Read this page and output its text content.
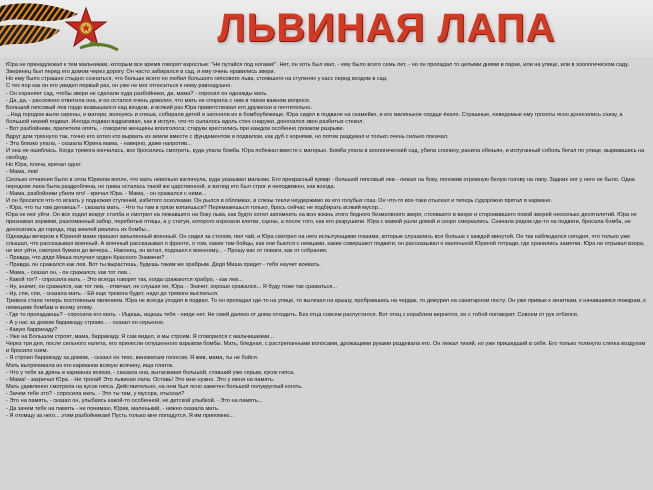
ЛЬВИНАЯ ЛАПА

Юра не принадлежал к тем мальчикам, которым все время говорят взрослые: "Не путайся под ногами!". Нет, он хоть был мал, - ему было всего семь лет, - но он пропадал то целыми днями в парке, или на улице, или в зоологическом саду. Зверинец был перед его домом через дорогу. Он часто забирался в сад, и ему очень нравились звери.

Но ему было страшно стыдно сознаться, что больше всего он любил большого гипсового льва, стоявшего на ступенях у касс перед входом в сад.

С тех пор как он его увидел первый раз, он уже не мог относиться к нему равнодушно.

- Он охраняет сад, чтобы звери не сделали худа разбойники, да, мама? - спросил он однажды мать.

- Да, да, - рассеянно ответила она, и он остался очень доволен, что мать не спорила с ним в таком важном вопросе.

Большой гипсовый лев гордо возвышался над входом, и всякий раз Юра приветствовал его дружески и почтительно.

...Над городом выли сирены, и матери, волнуясь и спеша, собирали детей и загоняли их в бомбоубежище. Юра сидел в подвале на скамейке, и его маленькое сердце ёкало. Страшные, неведомые ему грохоты ясно доносились снизу, а большой низкий подвал. Иногда подвал вздрагивал, как в испуге, что-то сыпалось вдоль стен снаружи, доносился звон разбитых стекол.

- Вот разбойники, прилетели опять, - говорили женщины вполголоса; старуки крестились при каждом особенно громком разрыве.

Вдруг дом тряхнуло так, точно его хотел кто вырвать из земли вместе с фундаментом и подвалом, как дуб с корнями, но потом раздумал и только очень сильно покачал.

- Эта близко упала, - сказала Юрина мама, - наверно, даже напротив...

И она не ошиблась. Когда тревога кончилась, все бросились смотреть, куда упала бомба. Юра побежал вместе с матерью. Бомба упала в зоологический сад, убила слониху, ранила обезьян, и испуганный соболь бегал по улице, вырвавшись на свободу.

Но Юра, плача, кричал одно:

- Мама, лев!

Сколько отчаяния было в этом Юрином вопле, что мать невольно взглянула, куда указывал мальчик. Его прекрасный кумир - большой гипсовый лев - лежал на боку, положив огромную белую голову на лапу. Задних ног у него не было. Одна передняя лапа была раздроблена, но грива осталась такой же царственной, и взгляд его был строг и неподвижен, как всегда.

- Мама, разбойники убили его! - кричал Юра. - Мама, - он сражался с ними...

И он бросился что-то искать у подножия ступеней, избитого осколками. Он рылся в обломках, и слезы текли неудержимо из его голубых глаз. Он что-то все-таки отыскал и теперь судорожно прятал в кармане.

- Юра, что ты там делаешь? - сказала мать. - Что ты там в грязи копаешься? Перемажешься только, брось сейчас не подбирать всякий мусор...

Юра не мог уйти. Он все ходил вокруг столба и смотрел на лежавшего на боку льва, как будто хотел запомнить на всю жизнь этого бедного безмолвного зверя, стоявшего в вихре и сторожившего покой зверей несколько десятилетий. Юра не признавал зоркими, разломанный забор, перебитые птицы, а у статуи, которого изрезали клетки, сцены, а после того, как его разрушили. Юра с мамой ушли домой и скоро смеркались. Сначала рядом где-то на подвиги, бросала бомба, не доносились до города, под землей рвались их бомбы...

Однажды вечером к Юриной маме пришел запыленный военный. Он сидел за столом, пил чай, и Юра смотрел на него испытующими глазами, которые слушались все больше с каждой минутой. Он так наблюдался сегодня, что только уже слышал, что рассказывал военный. А военный рассказывал о фронте, о том, какие там бойцы, как они бьются с немцами, какие совершают подвиги; он рассказывал о маленькой Юриной тетради, где хранились заметки. Юра не отрывал взора, не мог уйти, смотрел бумаги до вечера... Наконец, он встал, подошел к военному... - Прошу вас от поваги, как от собрания.

- Правда, что дядя Миша получил орден Красного Знамени?

- Правда, он сражался как лев. Вот ты вырастешь, будешь таким же храбрым. Дядя Миша придет - тебя научит воевать.

- Мама, - сказал он, - он сражался, как тот лев...

- Какой тот? - спросила мать. - Это всегда говорят так, когда сражаются храбро, - как лев...

- Ну, значит, он сражался, как тот лев, - отвечал, не слушая ее, Юра. - Значит, хорошо сражался... Я буду тоже так сражаться...

- Ну, спи, спи, - сказала мать. - Ей еще тревога будет, надо до тревоги выспаться.

Тревога стала теперь постоянным явлением. Юра не всегда уходил в подвал. То он пропадал где-то на улице, то вылезал на крышу, пробравшись на чердак, то дежурил на санитарном посту. Он уже привык к зениткам, к начавшимся пожарам, к немецким бомбам и всему этому.

- Где то пропадаешь? - спросила его мать. - Ищешь, ищешь тебя - нигде нет. Не смей далеко от дома отходить. Без отца совсем распустился. Вот отец с кораблем вернется, он с тобой поговорит. Совсем от рук отбился.

- А у нас за домом баррикаду строим... - сказал он серьезно.

- Какую баррикаду?

- Уже на Большом строят, мама, баррикаду. Я сам видел, и мы строим. Я сговорился с мальчишками...

Через три дня, после сильного налета, его принесли оглушенного взрывом бомбы. Мать, бледная, с растрепанными волосами, дрожащими руками раздевала его. Он лежал тихий, но уже пришедший в себя. Его только толкнуло слегка воздухом и бросило озем.

- Я строил баррикаду за домом, - сказал он тихо, виноватым голосом. Я жив, мама, ты не бойся.

Мать вытряхивала из его карманов всякую всячину, ища платок.

- Что у тебя за дрянь в карманах всякая, - сказала она, вытаскивая большой, ставший уже серым, кусок гипса.

- Мама! - закричал Юра. - Не трогай! Это львиная лапа. Оставь! Это мне нужно. Это у меня на память.

Мать удивленно смотрела на кусок гипса. Действительно, на нем был ясно заметен большой полукруглый коготь.

- Зачем тебе это? - спросила мать. - Это ты там, у мусора, отыскал?

- Это на память, - сказал он, улыбаясь какой-то особенной, не детской улыбкой. - Это на память...

- Да зачем тебе на память - не понимаю, Юрик, маленький, - нежно сказала мать.

- Я отомщу за него... этим разбойникам! Пусть только мне попадутся. Я им припомню...
